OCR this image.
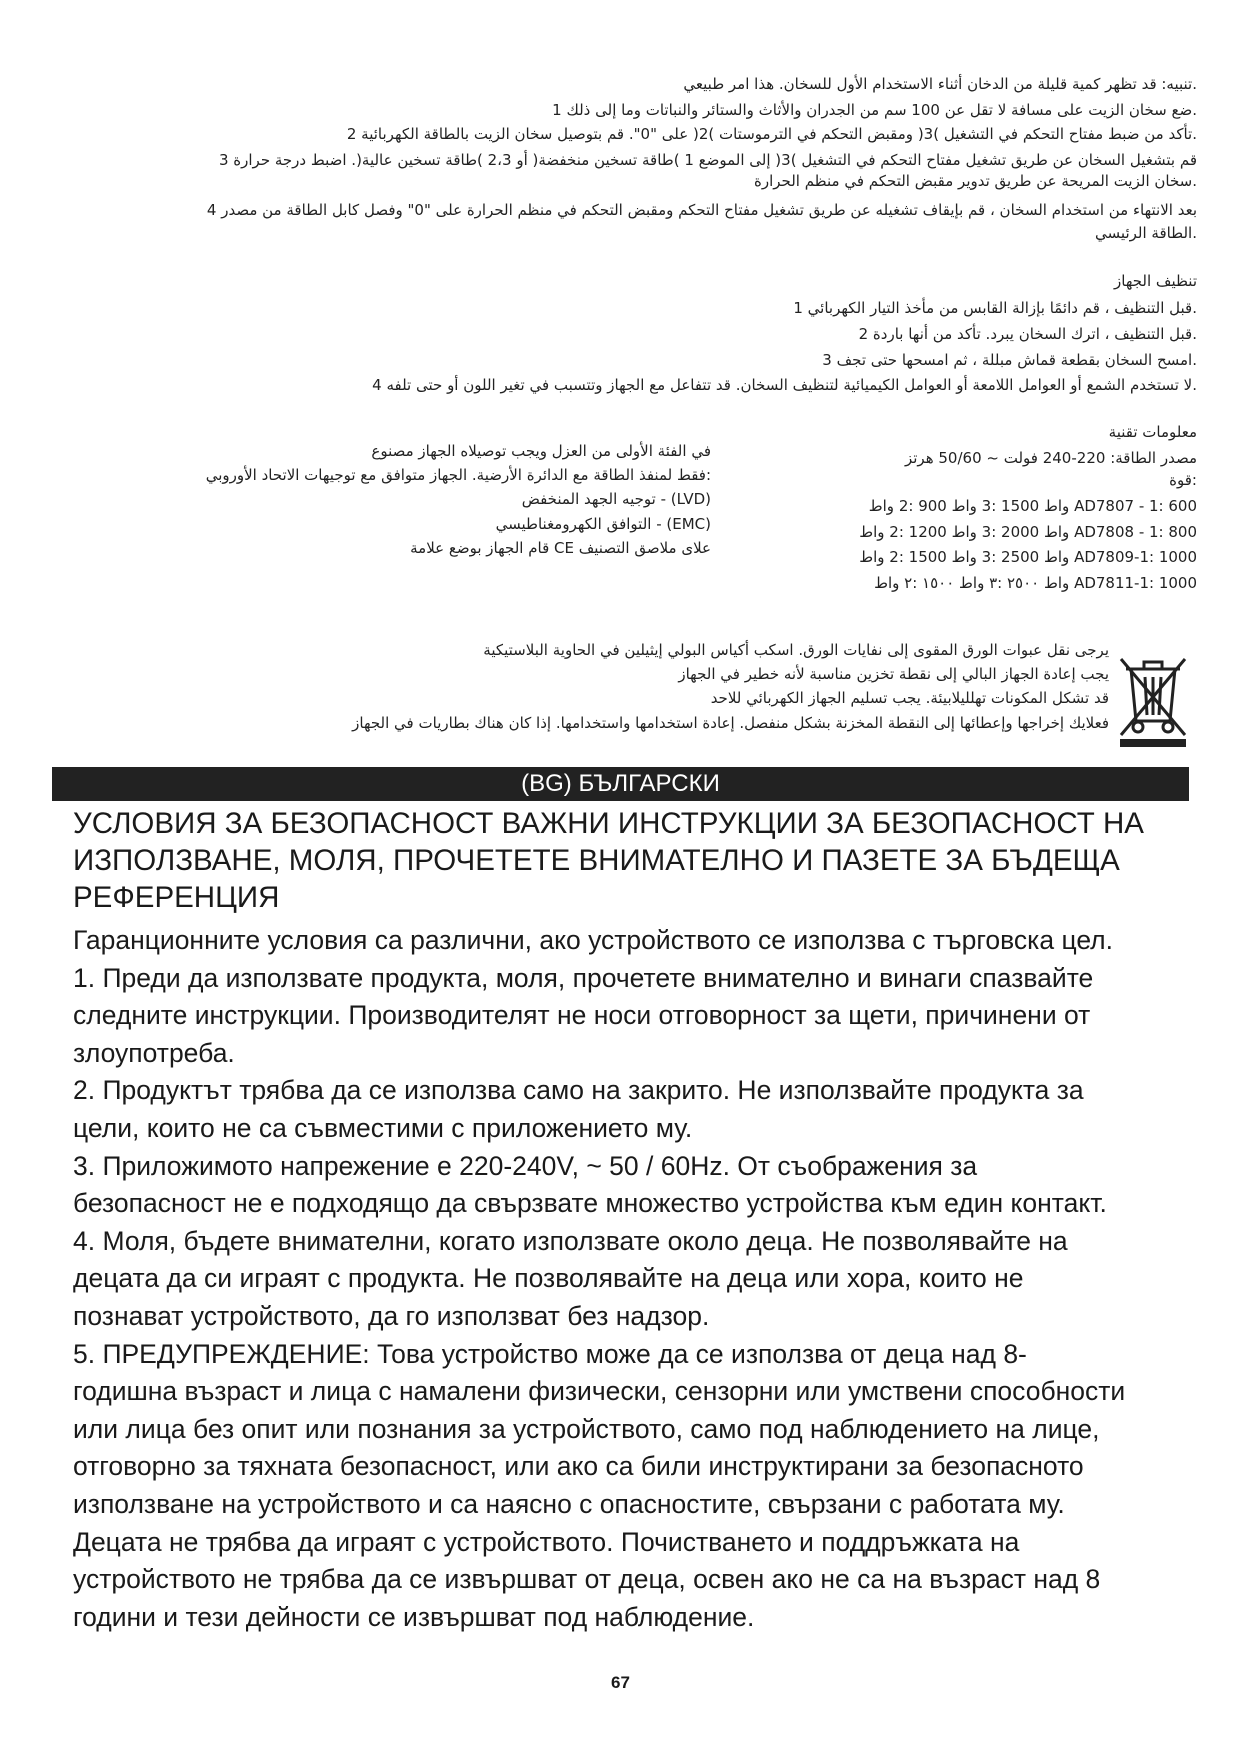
.تنبيه: قد تظهر كمية قليلة من الدخان أثناء الاستخدام الأول للسخان. هذا امر طبيعي
.ضع سخان الزيت على مسافة لا تقل عن 100 سم من الجدران والأثاث والستائر والنباتات وما إلى ذلك 1
.تأكد من ضبط مفتاح التحكم في التشغيل )3( ومقبض التحكم في الترموستات )2( على "0". قم بتوصيل سخان الزيت بالطاقة الكهربائية 2
قم بتشغيل السخان عن طريق تشغيل مفتاح التحكم في التشغيل )3( إلى الموضع 1 )طاقة تسخين منخفضة( أو 2،3 )طاقة تسخين عالية(. اضبط درجة حرارة 3
.سخان الزيت المريحة عن طريق تدوير مقبض التحكم في منظم الحرارة
بعد الانتهاء من استخدام السخان ، قم بإيقاف تشغيله عن طريق تشغيل مفتاح التحكم ومقبض التحكم في منظم الحرارة على "0" وفصل كابل الطاقة من مصدر 4
.الطاقة الرئيسي
تنظيف الجهاز
.قبل التنظيف ، قم دائمًا بإزالة القابس من مأخذ التيار الكهربائي 1
.قبل التنظيف ، اترك السخان يبرد. تأكد من أنها باردة 2
.امسح السخان بقطعة قماش مبللة ، ثم امسحها حتى تجف 3
.لا تستخدم الشمع أو العوامل اللامعة أو العوامل الكيميائية لتنظيف السخان. قد تتفاعل مع الجهاز وتتسبب في تغير اللون أو حتى تلفه 4
معلومات تقنية
مصدر الطاقة: 220-240 فولت ~ 50/60 هرتز
:قوة
AD7807 - 1: 600 واط 1500 :3 واط 900 :2 واط
AD7808 - 1: 800 واط 2000 :3 واط 1200 :2 واط
AD7809-1: 1000 واط 2500 :3 واط 1500 :2 واط
AD7811-1: 1000 واط ٢٥٠٠ :٣ واط ١٥٠٠ :٢ واط
في الفئة الأولى من العزل ويجب توصيلاه الجهاز مصنوع
:فقط لمنفذ الطاقة مع الدائرة الأرضية. الجهاز متوافق مع توجيهات الاتحاد الأوروبي
(LVD) - توجيه الجهد المنخفض
(EMC) - التوافق الكهرومغناطيسي
علاى ملاصق التصنيف CE قام الجهاز بوضع علامة
يرجى نقل عبوات الورق المقوى إلى نفايات الورق. اسكب أكياس البولي إيثيلين في الحاوية البلاستيكية
يجب إعادة الجهاز البالي إلى نقطة تخزين مناسبة لأنه خطير في الجهاز
قد تشكل المكونات تهلليلابيئة. يجب تسليم الجهاز الكهربائي للاحد
فعلايك إخراجها وإعطائها إلى النقطة المخزنة بشكل منفصل. إعادة استخدامها واستخدامها. إذا كان هناك بطاريات في الجهاز
(BG) БЪЛГАРСКИ
УСЛОВИЯ ЗА БЕЗОПАСНОСТ ВАЖНИ ИНСТРУКЦИИ ЗА БЕЗОПАСНОСТ НА ИЗПОЛЗВАНЕ, МОЛЯ, ПРОЧЕТЕТЕ ВНИМАТЕЛНО И ПАЗЕТЕ ЗА БЪДЕЩА РЕФЕРЕНЦИЯ

Гаранционните условия са различни, ако устройството се използва с търговска цел.

1. Преди да използвате продукта, моля, прочетете внимателно и винаги спазвайте

следните инструкции. Производителят не носи отговорност за щети, причинени от

злоупотреба.

2. Продуктът трябва да се използва само на закрито. Не използвайте продукта за

цели, които не са съвместими с приложението му.

3. Приложимото напрежение е 220-240V, ~ 50 / 60Hz. От съображения за

безопасност не е подходящо да свързвате множество устройства към един контакт.

4. Моля, бъдете внимателни, когато използвате около деца. Не позволявайте на

децата да си играят с продукта. Не позволявайте на деца или хора, които не

познават устройството, да го използват без надзор.

5. ПРЕДУПРЕЖДЕНИЕ: Това устройство може да се използва от деца над 8-

годишна възраст и лица с намалени физически, сензорни или умствени способности

или лица без опит или познания за устройството, само под наблюдението на лице,

отговорно за тяхната безопасност, или ако са били инструктирани за безопасното

използване на устройството и са наясно с опасностите, свързани с работата му.

Децата не трябва да играят с устройството. Почистването и поддръжката на

устройството не трябва да се извършват от деца, освен ако не са на възраст над 8

години и тези дейности се извършват под наблюдение.

67
